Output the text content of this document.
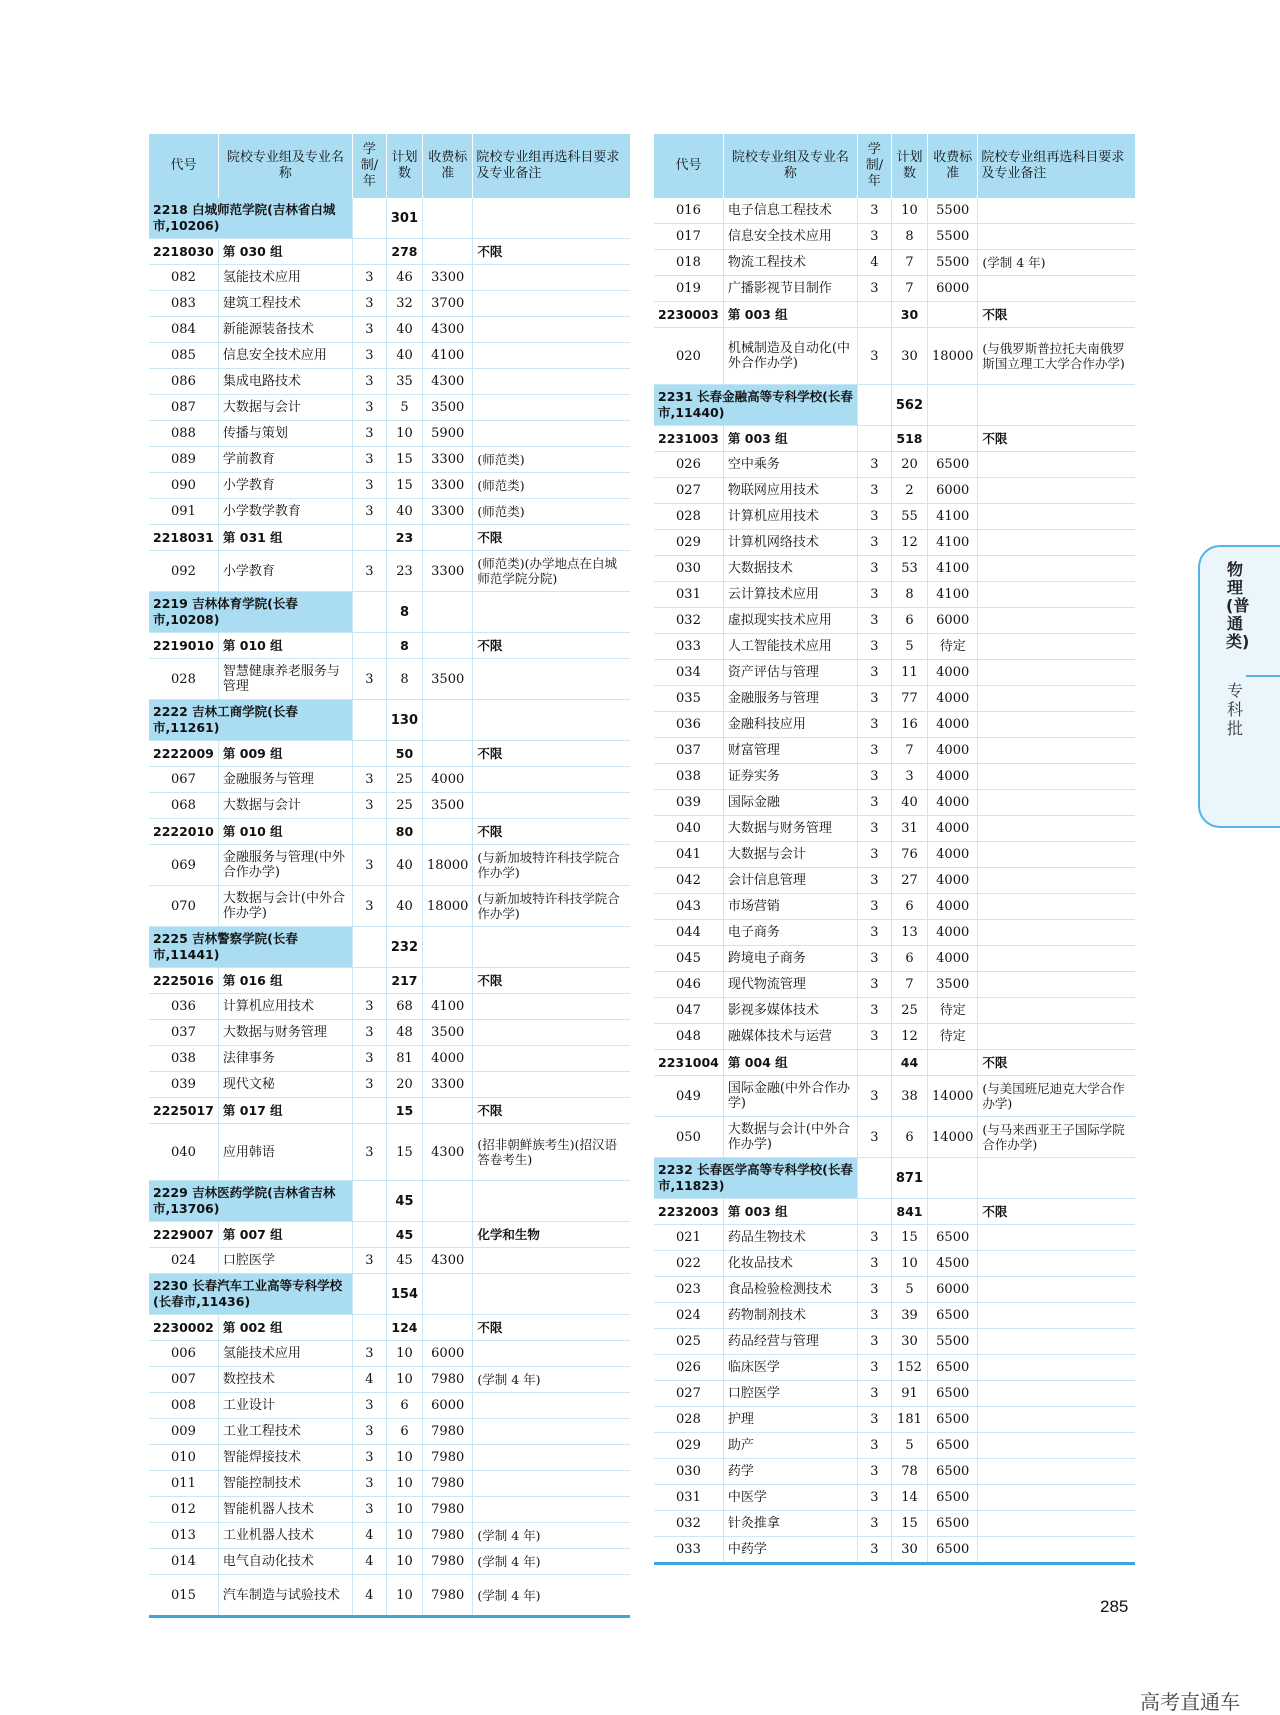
代号	院校专业组及专业名称	学制/年	计划数	收费标准	院校专业组再选科目要求及专业备注
2218 白城师范学院(吉林省白城市,10206)			301		
2218030	第 030 组		278		不限
082	氢能技术应用	3	46	3300	
083	建筑工程技术	3	32	3700	
084	新能源装备技术	3	40	4300	
085	信息安全技术应用	3	40	4100	
086	集成电路技术	3	35	4300	
087	大数据与会计	3	5	3500	
088	传播与策划	3	10	5900	
089	学前教育	3	15	3300	(师范类)
090	小学教育	3	15	3300	(师范类)
091	小学数学教育	3	40	3300	(师范类)
2218031	第 031 组		23		不限
092	小学教育	3	23	3300	(师范类)(办学地点在白城师范学院分院)
2219 吉林体育学院(长春市,10208)			8		
2219010	第 010 组		8		不限
028	智慧健康养老服务与管理	3	8	3500	
2222 吉林工商学院(长春市,11261)			130		
2222009	第 009 组		50		不限
067	金融服务与管理	3	25	4000	
068	大数据与会计	3	25	3500	
2222010	第 010 组		80		不限
069	金融服务与管理(中外合作办学)	3	40	18000	(与新加坡特许科技学院合作办学)
070	大数据与会计(中外合作办学)	3	40	18000	(与新加坡特许科技学院合作办学)
2225 吉林警察学院(长春市,11441)			232		
2225016	第 016 组		217		不限
036	计算机应用技术	3	68	4100	
037	大数据与财务管理	3	48	3500	
038	法律事务	3	81	4000	
039	现代文秘	3	20	3300	
2225017	第 017 组		15		不限
040	应用韩语	3	15	4300	(招非朝鲜族考生)(招汉语答卷考生)
2229 吉林医药学院(吉林省吉林市,13706)			45		
2229007	第 007 组		45		化学和生物
024	口腔医学	3	45	4300	
2230 长春汽车工业高等专科学校(长春市,11436)			154		
2230002	第 002 组		124		不限
006	氢能技术应用	3	10	6000	
007	数控技术	4	10	7980	(学制 4 年)
008	工业设计	3	6	6000	
009	工业工程技术	3	6	7980	
010	智能焊接技术	3	10	7980	
011	智能控制技术	3	10	7980	
012	智能机器人技术	3	10	7980	
013	工业机器人技术	4	10	7980	(学制 4 年)
014	电气自动化技术	4	10	7980	(学制 4 年)
015	汽车制造与试验技术	4	10	7980	(学制 4 年)
代号	院校专业组及专业名称	学制/年	计划数	收费标准	院校专业组再选科目要求及专业备注
016	电子信息工程技术	3	10	5500	
017	信息安全技术应用	3	8	5500	
018	物流工程技术	4	7	5500	(学制 4 年)
019	广播影视节目制作	3	7	6000	
2230003	第 003 组		30		不限
020	机械制造及自动化(中外合作办学)	3	30	18000	(与俄罗斯普拉托夫南俄罗斯国立理工大学合作办学)
2231 长春金融高等专科学校(长春市,11440)			562		
2231003	第 003 组		518		不限
026	空中乘务	3	20	6500	
027	物联网应用技术	3	2	6000	
028	计算机应用技术	3	55	4100	
029	计算机网络技术	3	12	4100	
030	大数据技术	3	53	4100	
031	云计算技术应用	3	8	4100	
032	虚拟现实技术应用	3	6	6000	
033	人工智能技术应用	3	5	待定	
034	资产评估与管理	3	11	4000	
035	金融服务与管理	3	77	4000	
036	金融科技应用	3	16	4000	
037	财富管理	3	7	4000	
038	证券实务	3	3	4000	
039	国际金融	3	40	4000	
040	大数据与财务管理	3	31	4000	
041	大数据与会计	3	76	4000	
042	会计信息管理	3	27	4000	
043	市场营销	3	6	4000	
044	电子商务	3	13	4000	
045	跨境电子商务	3	6	4000	
046	现代物流管理	3	7	3500	
047	影视多媒体技术	3	25	待定	
048	融媒体技术与运营	3	12	待定	
2231004	第 004 组		44		不限
049	国际金融(中外合作办学)	3	38	14000	(与美国班尼迪克大学合作办学)
050	大数据与会计(中外合作办学)	3	6	14000	(与马来西亚王子国际学院合作办学)
2232 长春医学高等专科学校(长春市,11823)			871		
2232003	第 003 组		841		不限
021	药品生物技术	3	15	6500	
022	化妆品技术	3	10	4500	
023	食品检验检测技术	3	5	6000	
024	药物制剂技术	3	39	6500	
025	药品经营与管理	3	30	5500	
026	临床医学	3	152	6500	
027	口腔医学	3	91	6500	
028	护理	3	181	6500	
029	助产	3	5	6500	
030	药学	3	78	6500	
031	中医学	3	14	6500	
032	针灸推拿	3	15	6500	
033	中药学	3	30	6500	
物理(普通类)
专科批
285
高考直通车
